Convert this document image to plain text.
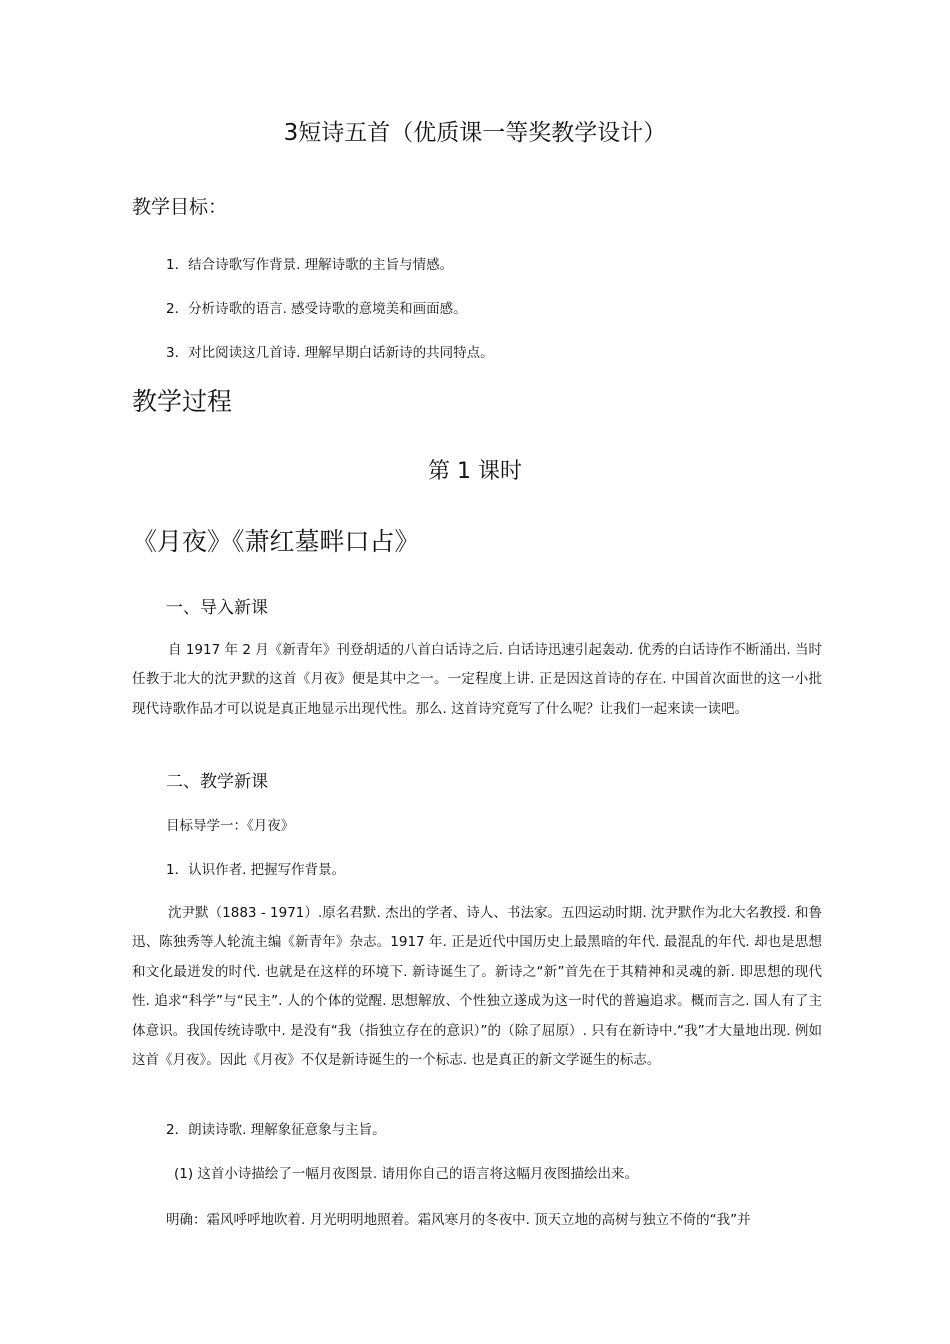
3短诗五首（优质课一等奖教学设计）
教学目标：
1．结合诗歌写作背景. 理解诗歌的主旨与情感。
2．分析诗歌的语言. 感受诗歌的意境美和画面感。
3．对比阅读这几首诗. 理解早期白话新诗的共同特点。
教学过程
第 1 课时
《月夜》《萧红墓畔口占》
一、导入新课

自 1917 年 2 月《新青年》刊登胡适的八首白话诗之后. 白话诗迅速引起轰动. 优秀的白话诗作不断涌出. 当时任教于北大的沈尹默的这首《月夜》便是其中之一。一定程度上讲. 正是因这首诗的存在. 中国首次面世的这一小批现代诗歌作品才可以说是真正地显示出现代性。那么. 这首诗究竟写了什么呢？让我们一起来读一读吧。

二、教学新课
目标导学一：《月夜》
1．认识作者. 把握写作背景。

沈尹默（1883 - 1971）.原名君默. 杰出的学者、诗人、书法家。五四运动时期. 沈尹默作为北大名教授. 和鲁迅、陈独秀等人轮流主编《新青年》杂志。1917 年. 正是近代中国历史上最黑暗的年代. 最混乱的年代. 却也是思想和文化最迸发的时代. 也就是在这样的环境下. 新诗诞生了。新诗之“新”首先在于其精神和灵魂的新. 即思想的现代性. 追求“科学”与“民主”. 人的个体的觉醒. 思想解放、个性独立遂成为这一时代的普遍追求。概而言之. 国人有了主体意识。我国传统诗歌中. 是没有“我（指独立存在的意识）”的（除了屈原）. 只有在新诗中.“我”才大量地出现. 例如这首《月夜》。因此《月夜》不仅是新诗诞生的一个标志. 也是真正的新文学诞生的标志。

2．朗读诗歌. 理解象征意象与主旨。
(1) 这首小诗描绘了一幅月夜图景. 请用你自己的语言将这幅月夜图描绘出来。
明确：霜风呼呼地吹着. 月光明明地照着。霜风寒月的冬夜中. 顶天立地的高树与独立不倚的“我”并
